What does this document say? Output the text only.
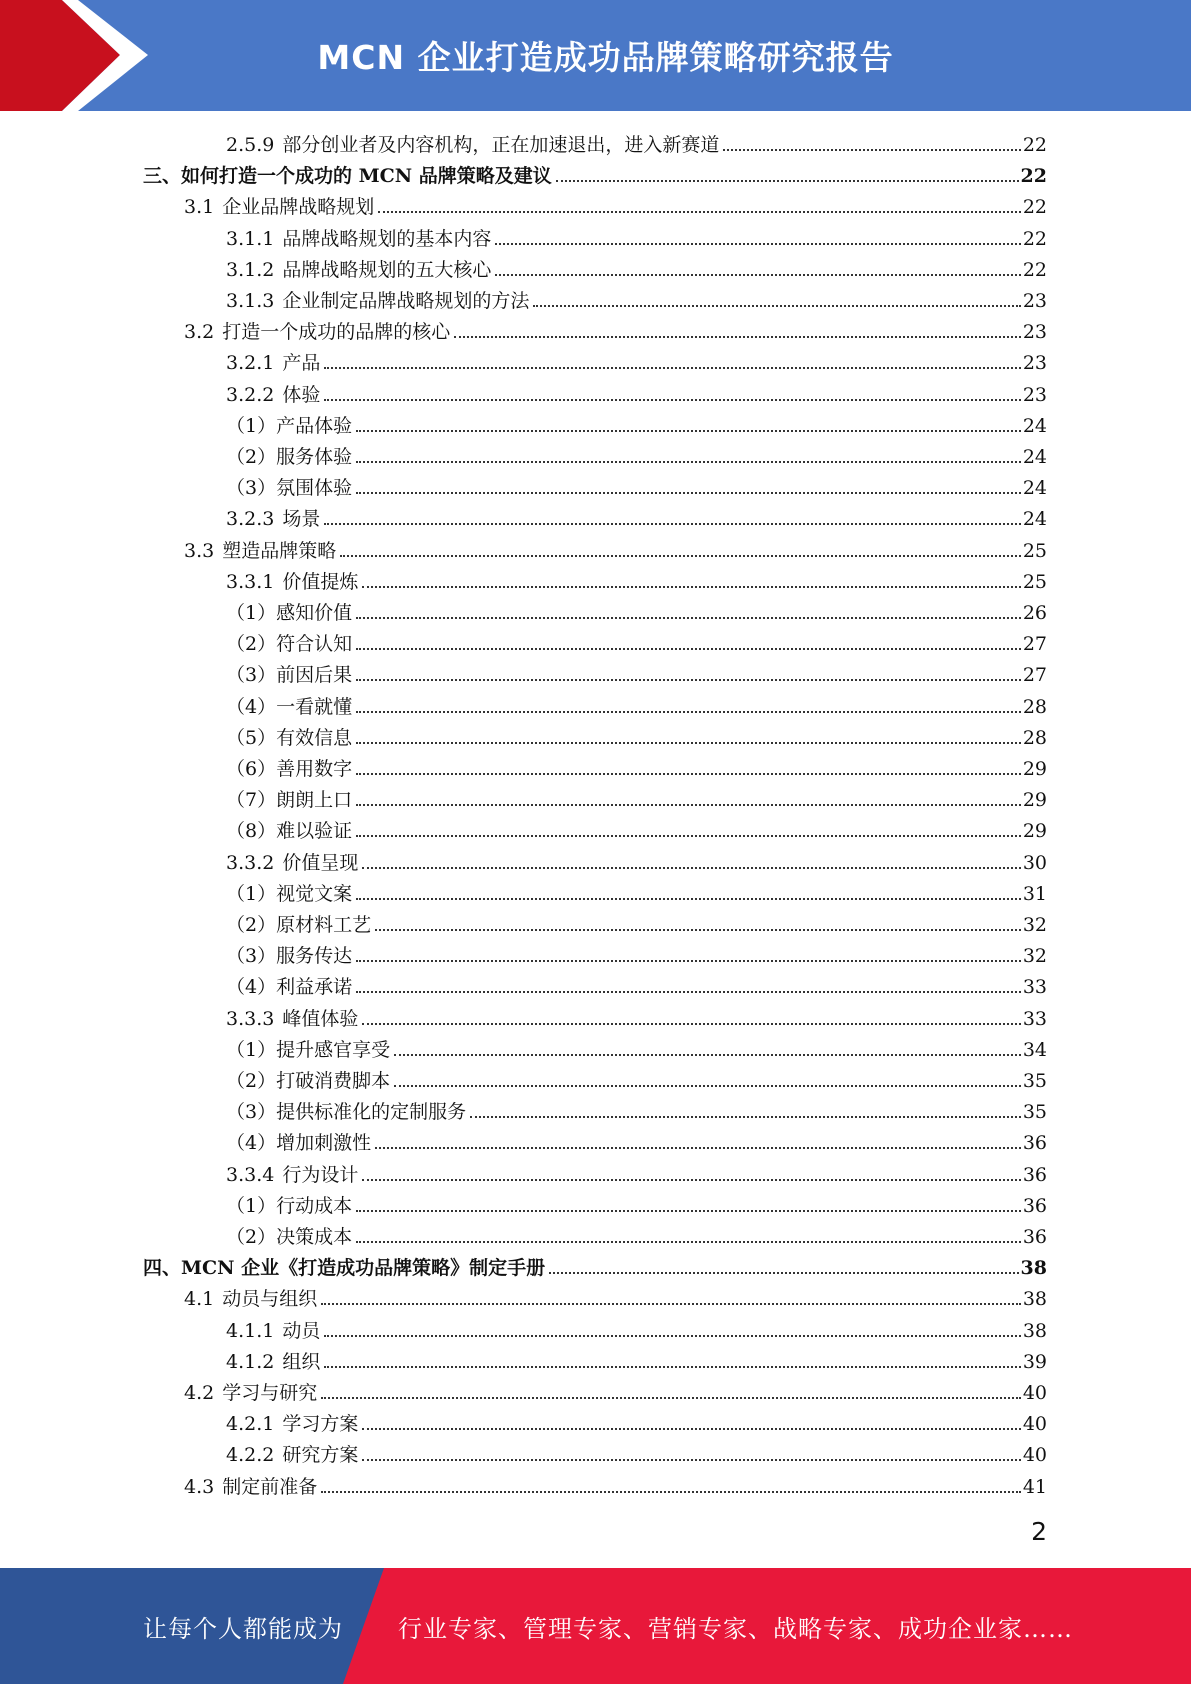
MCN 企业打造成功品牌策略研究报告
2.5.9 部分创业者及内容机构，正在加速退出，进入新赛道	22
三、如何打造一个成功的 MCN 品牌策略及建议	22
3.1 企业品牌战略规划	22
3.1.1 品牌战略规划的基本内容	22
3.1.2 品牌战略规划的五大核心	22
3.1.3 企业制定品牌战略规划的方法	23
3.2 打造一个成功的品牌的核心	23
3.2.1 产品	23
3.2.2 体验	23
（1）产品体验	24
（2）服务体验	24
（3）氛围体验	24
3.2.3 场景	24
3.3 塑造品牌策略	25
3.3.1 价值提炼	25
（1）感知价值	26
（2）符合认知	27
（3）前因后果	27
（4）一看就懂	28
（5）有效信息	28
（6）善用数字	29
（7）朗朗上口	29
（8）难以验证	29
3.3.2 价值呈现	30
（1）视觉文案	31
（2）原材料工艺	32
（3）服务传达	32
（4）利益承诺	33
3.3.3 峰值体验	33
（1）提升感官享受	34
（2）打破消费脚本	35
（3）提供标准化的定制服务	35
（4）增加刺激性	36
3.3.4 行为设计	36
（1）行动成本	36
（2）决策成本	36
四、MCN 企业《打造成功品牌策略》制定手册	38
4.1 动员与组织	38
4.1.1 动员	38
4.1.2 组织	39
4.2 学习与研究	40
4.2.1 学习方案	40
4.2.2 研究方案	40
4.3 制定前准备	41
2
让每个人都能成为 行业专家、管理专家、营销专家、战略专家、成功企业家……
